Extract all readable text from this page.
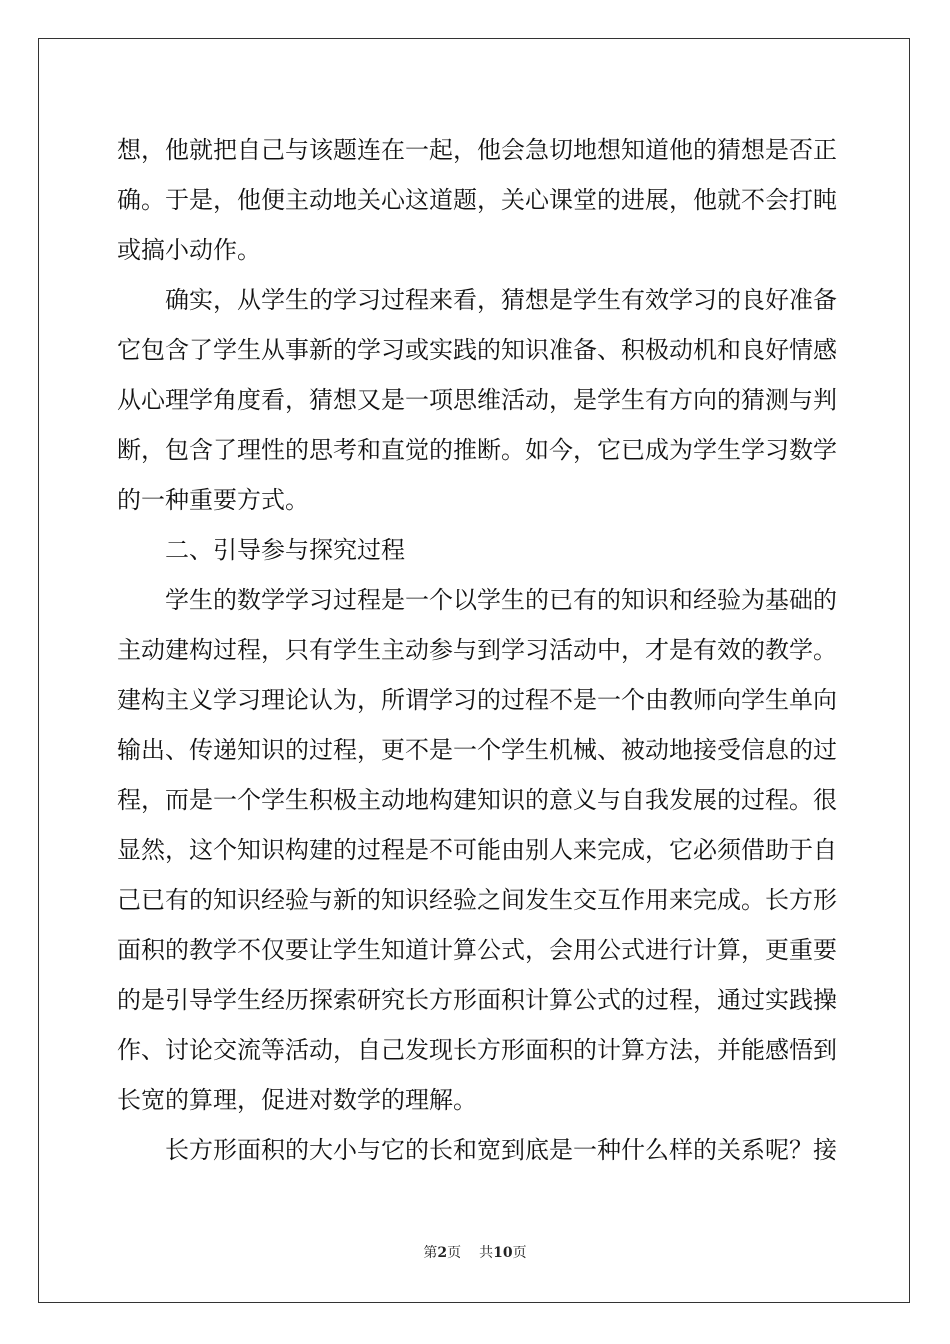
想，他就把自己与该题连在一起，他会急切地想知道他的猜想是否正
确。于是，他便主动地关心这道题，关心课堂的进展，他就不会打盹
或搞小动作。
　　确实，从学生的学习过程来看，猜想是学生有效学习的良好准备
它包含了学生从事新的学习或实践的知识准备、积极动机和良好情感
从心理学角度看，猜想又是一项思维活动，是学生有方向的猜测与判
断，包含了理性的思考和直觉的推断。如今，它已成为学生学习数学
的一种重要方式。
　　二、引导参与探究过程
　　学生的数学学习过程是一个以学生的已有的知识和经验为基础的
主动建构过程，只有学生主动参与到学习活动中，才是有效的教学。
建构主义学习理论认为，所谓学习的过程不是一个由教师向学生单向
输出、传递知识的过程，更不是一个学生机械、被动地接受信息的过
程，而是一个学生积极主动地构建知识的意义与自我发展的过程。很
显然，这个知识构建的过程是不可能由别人来完成，它必须借助于自
己已有的知识经验与新的知识经验之间发生交互作用来完成。长方形
面积的教学不仅要让学生知道计算公式，会用公式进行计算，更重要
的是引导学生经历探索研究长方形面积计算公式的过程，通过实践操
作、讨论交流等活动，自己发现长方形面积的计算方法，并能感悟到
长宽的算理，促进对数学的理解。
　　长方形面积的大小与它的长和宽到底是一种什么样的关系呢？接
第2页 共10页
